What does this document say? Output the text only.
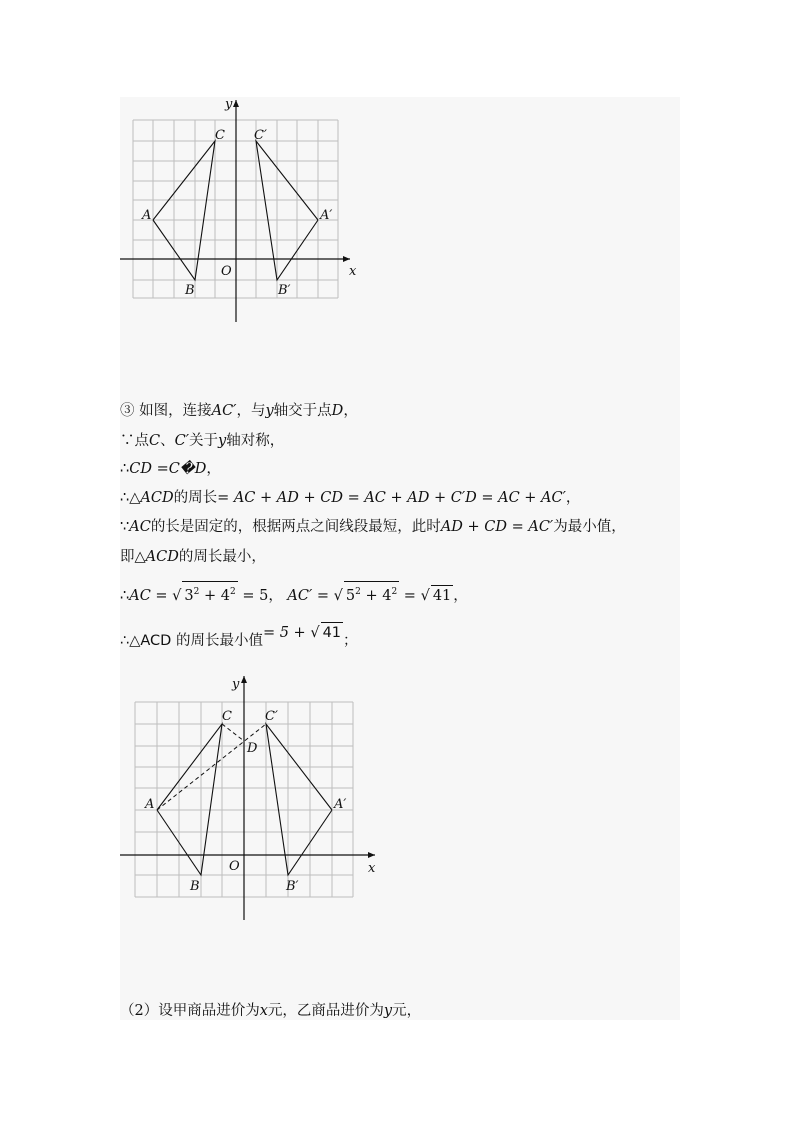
y
x
O
A
B
C
A′
B′
C′
③ 如图，连接AC′，与y轴交于点D，
∵点C、C′关于y轴对称，
∴CD =C�D，
∴△ACD的周长= AC + AD + CD = AC + AD + C′D = AC + AC′，
∵AC的长是固定的，根据两点之间线段最短，此时AD + CD = AC′为最小值，
即△ACD的周长最小，
∴AC = √ $3^2 + 4^2 = 5$， AC′ = √ $5^2 + 4^2$ = √ 41 ，
∴△ACD 的周长最小值= 5 + √ 41 ；
y
x
O
A
B
C
D
A′
B′
C′
（2）设甲商品进价为x元，乙商品进价为y元，
